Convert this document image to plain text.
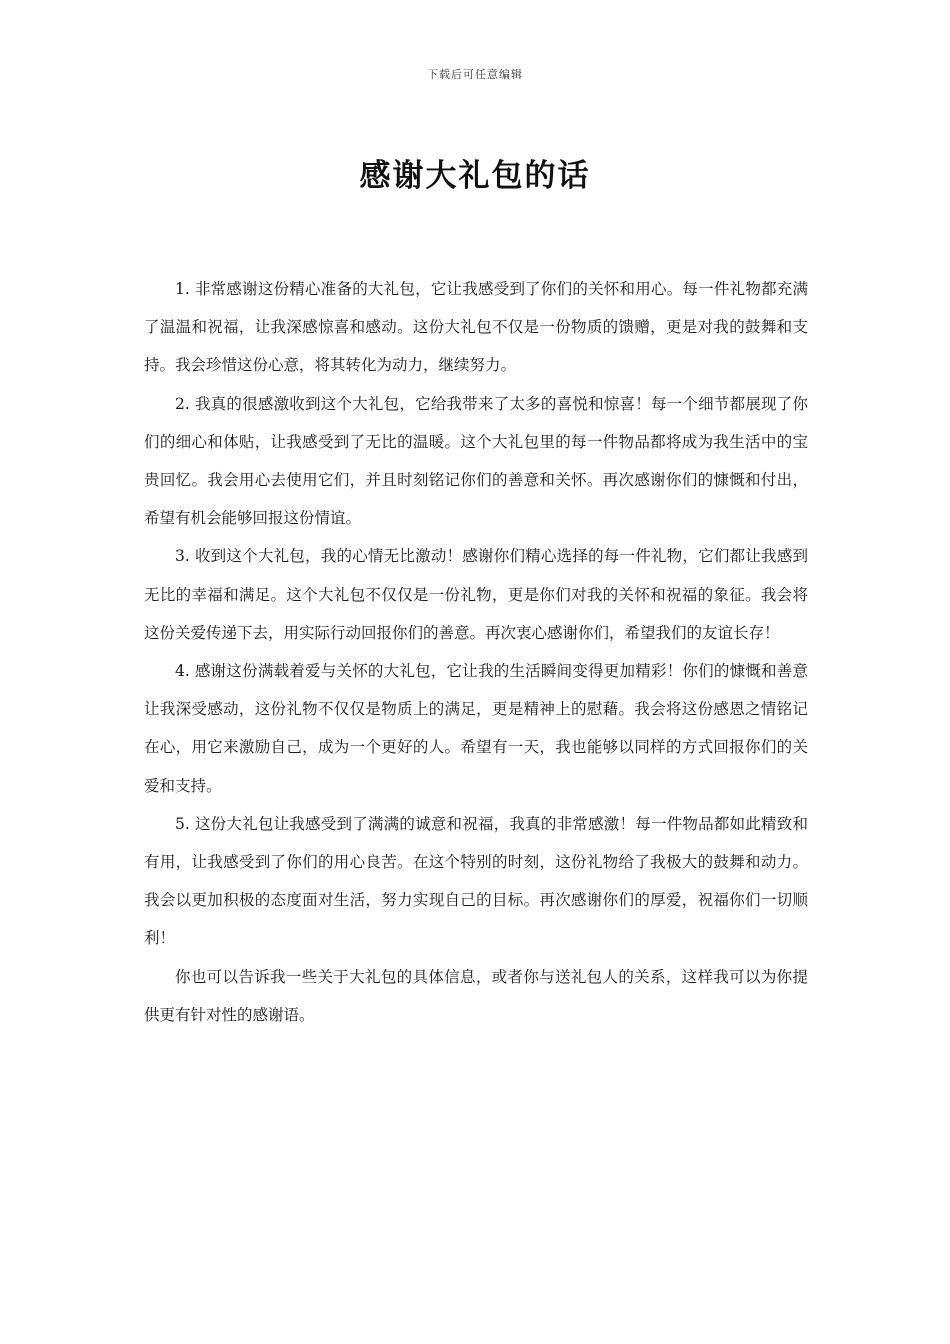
下载后可任意编辑
感谢大礼包的话

1. 非常感谢这份精心准备的大礼包，它让我感受到了你们的关怀和用心。每一件礼物都充满了温温和祝福，让我深感惊喜和感动。这份大礼包不仅是一份物质的馈赠，更是对我的鼓舞和支持。我会珍惜这份心意，将其转化为动力，继续努力。

2. 我真的很感激收到这个大礼包，它给我带来了太多的喜悦和惊喜！每一个细节都展现了你们的细心和体贴，让我感受到了无比的温暖。这个大礼包里的每一件物品都将成为我生活中的宝贵回忆。我会用心去使用它们，并且时刻铭记你们的善意和关怀。再次感谢你们的慷慨和付出，希望有机会能够回报这份情谊。

3. 收到这个大礼包，我的心情无比激动！感谢你们精心选择的每一件礼物，它们都让我感到无比的幸福和满足。这个大礼包不仅仅是一份礼物，更是你们对我的关怀和祝福的象征。我会将这份关爱传递下去，用实际行动回报你们的善意。再次衷心感谢你们，希望我们的友谊长存！

4. 感谢这份满载着爱与关怀的大礼包，它让我的生活瞬间变得更加精彩！你们的慷慨和善意让我深受感动，这份礼物不仅仅是物质上的满足，更是精神上的慰藉。我会将这份感恩之情铭记在心，用它来激励自己，成为一个更好的人。希望有一天，我也能够以同样的方式回报你们的关爱和支持。

5. 这份大礼包让我感受到了满满的诚意和祝福，我真的非常感激！每一件物品都如此精致和有用，让我感受到了你们的用心良苦。在这个特别的时刻，这份礼物给了我极大的鼓舞和动力。我会以更加积极的态度面对生活，努力实现自己的目标。再次感谢你们的厚爱，祝福你们一切顺利！

你也可以告诉我一些关于大礼包的具体信息，或者你与送礼包人的关系，这样我可以为你提供更有针对性的感谢语。
